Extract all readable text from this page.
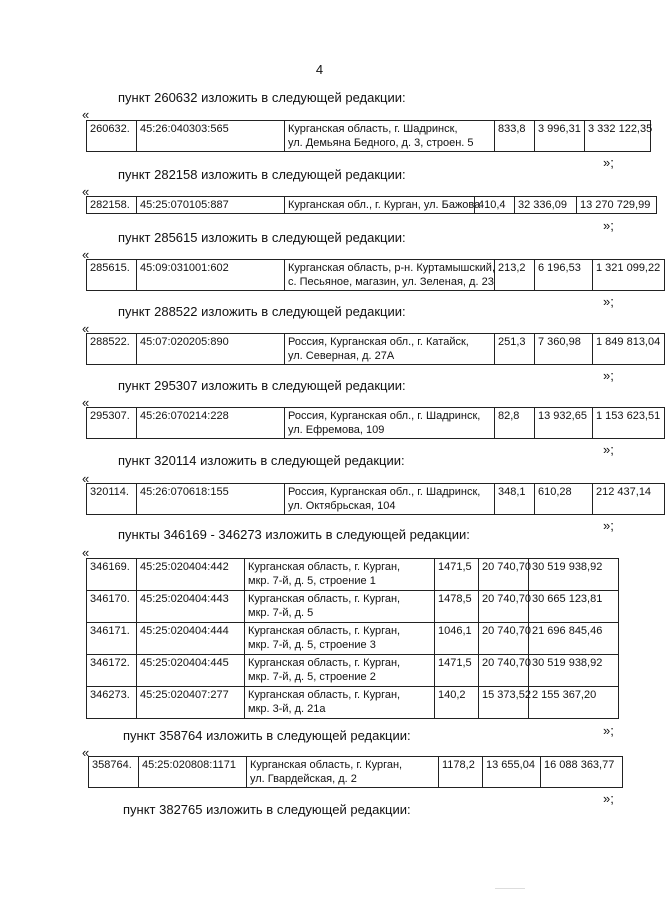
4
пункт 260632 изложить в следующей редакции:
«
260632.	45:26:040303:565	Курганская область, г. Шадринск,
ул. Демьяна Бедного, д. 3, строен. 5
	833,8	3 996,31	3 332 122,35
»;
пункт 282158 изложить в следующей редакции:
«
282158.	45:25:070105:887	Курганская обл., г. Курган, ул. Бажова
	410,4	32 336,09	13 270 729,99
»;
пункт 285615 изложить в следующей редакции:
«
285615.	45:09:031001:602	Курганская область, р-н. Куртамышский,
с. Песьяное, магазин, ул. Зеленая, д. 23
	213,2	6 196,53	1 321 099,22
»;
пункт 288522 изложить в следующей редакции:
«
288522.	45:07:020205:890	Россия, Курганская обл., г. Катайск,
ул. Северная, д. 27А
	251,3	7 360,98	1 849 813,04
»;
пункт 295307 изложить в следующей редакции:
«
295307.	45:26:070214:228	Россия, Курганская обл., г. Шадринск,
ул. Ефремова, 109
	82,8	13 932,65	1 153 623,51
»;
пункт 320114 изложить в следующей редакции:
«
320114.	45:26:070618:155	Россия, Курганская обл., г. Шадринск,
ул. Октябрьская, 104
	348,1	610,28	212 437,14
»;
пункты 346169 - 346273 изложить в следующей редакции:
«
346169.	45:25:020404:442	Курганская область, г. Курган,
мкр. 7-й, д. 5, строение 1	1471,5	20 740,70	30 519 938,92
346170.	45:25:020404:443	Курганская область, г. Курган,
мкр. 7-й, д. 5	1478,5	20 740,70	30 665 123,81
346171.	45:25:020404:444	Курганская область, г. Курган,
мкр. 7-й, д. 5, строение 3	1046,1	20 740,70	21 696 845,46
346172.	45:25:020404:445	Курганская область, г. Курган,
мкр. 7-й, д. 5, строение 2	1471,5	20 740,70	30 519 938,92
346273.	45:25:020407:277	Курганская область, г. Курган,
мкр. 3-й, д. 21а	140,2	15 373,52	2 155 367,20
»;
пункт 358764 изложить в следующей редакции:
«
358764.	45:25:020808:1171	Курганская область, г. Курган,
ул. Гвардейская, д. 2
	1178,2	13 655,04	16 088 363,77
»;
пункт 382765 изложить в следующей редакции:
